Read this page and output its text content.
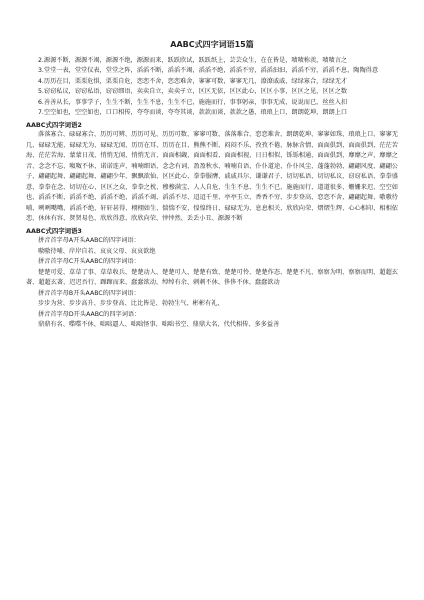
AABC式四字词语15篇

2.源源不断，源源不竭，源源不绝，源源而来，跃跃欣试，跃跃纸上，芸芸众生，在在皆是，啧啧称羡，啧啧言之

3.堂堂一表，堂堂仪表，堂堂之阵，滔滔不断，滔滔不竭，滔滔不绝，滔滔不穷，滔滔汩汩，滔滔不穷，滔滔不息，陶陶得意

4.历历在目，栗栗危惧，栗栗自危，恋恋不舍，恋恋难舍，寥寥可数，寥寥无几，潦潦戚戚，绿绿寡合，绿绿无才

5.窃窃私议，窃窃私语，窃窃细语，卖卖自立，卖卖孑立，区区无依，区区此心，区区小事，区区之见，区区之数

6.善善从长，事事学子，生生不断，生生不息，生生不已，施施而行，事事躬亲，事事无成，说说而已，丝丝入扣

7.空空如也，空空如也，口口相传，夸夸而谈，夸夸其谈，款款而谈，款款之愚，琅琅上口，朗朗乾坤，朗朗上口

AABC式四字词语2

落落寡合、碌碌寡合、历历可辨、历历可见、历历可数、寥寥可数、落落难合、恋恋难舍、朗朗乾坤、寥寥如珠、琅琅上口、寥寥无几、碌碌无能、碌碌无为、碌碌无闻、历历在耳、历历在目、熊熊不断、闷闷不乐、孜孜不倦、脉脉含情、面面俱到、面面俱到、茫茫苦海、茫茫苦海、蒙蒙日茂、悄悄无闻、悄悄无言、面面相觑、面面相看、面面相视、日日相似、铄铄相通、面面俱到、靡靡之声、靡靡之音、念念不忘、呶呶不休、诺诺连声、喃喃细语、念念有词、盈盈秋水、喃喃自语、仆仆道途、仆仆风尘、蓬蓬勃勃、翩翩风度、翩翩公子、翩翩起舞、翩翩起舞、翩翩少年、飘飘欲仙、区区此心、拳拳服膺、戚戚具尔、谦谦君子、切切私语、切切私议、窃窃私语、拳拳盛意、拳拳在念、切切在心、区区之众、拳拳之枕、穆穆满宝、人人自危、生生不息、生生不已、施施而行、道道很多、姗姗来迟、空空如也、滔滔不断、滔滔不绝、滔滔不绝、滔滔不竭、滔滔不尽、迢迢千里、亭亭玉立、香香不穷、步步登高、恋恋不舍、翩翩起舞、嗷嗷待哺、咧咧嘴嘴、滔滔不绝、轩轩甚得、栩栩如生、惴惴不安、惶惶终日、碌碌无为、息息相关、欣欣向荣、熠熠生辉、心心相印、相相依恋、休休有容、贤贤易色、欣欣得意、欣欣向荣、悻悻然、丢丢小丑、源源不断

AABC式四字词语3

拼音首字母A开头AABC的四字词语：

嗷嗷待哺、岸岸自若、哀哀父母、哀哀欲绝

拼音首字母C开头AABC的四字词语：

楚楚可爱、草草了事、草草收兵、楚楚动人、楚楚可人、楚楚有致、楚楚可怜、楚楚作态、楚楚不凡、察察为明、察察而明、超超玄著、超超玄著、迟迟吾行、蹿蹿而来、蠢蠢欲动、绰绰有余、刺刺不休、侈侈不休、蠢蠢欲动

拼音首字母B开头AABC的四字词语：

步步为营、步步高升、步步登高、比比皆是、勃勃生气、彬彬有礼、

拼音首字母D开头AABC的四字词语：

鼎鼎有名、喋喋不休、咄咄逼人、咄咄怪事、咄咄书空、鼎鼎大名、代代相传、多多益善
